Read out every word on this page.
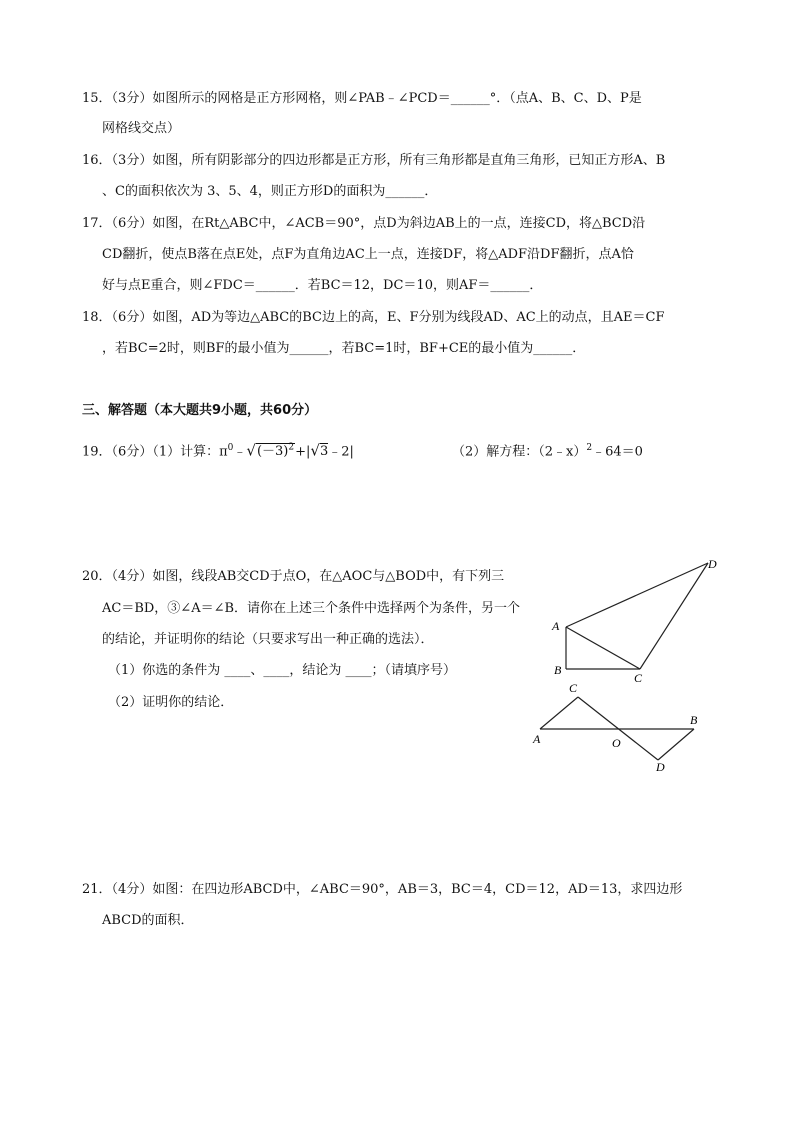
15．（3分）如图所示的网格是正方形网格，则∠PAB﹣∠PCD＝______°．（点A、B、C、D、P是
网格线交点）
16．（3分）如图，所有阴影部分的四边形都是正方形，所有三角形都是直角三角形，已知正方形A、B
、C的面积依次为 3、5、4，则正方形D的面积为______．
17．（6分）如图，在Rt△ABC中，∠ACB＝90°，点D为斜边AB上的一点，连接CD，将△BCD沿
CD翻折，使点B落在点E处，点F为直角边AC上一点，连接DF，将△ADF沿DF翻折，点A恰
好与点E重合，则∠FDC＝______．若BC＝12，DC＝10，则AF＝______．
18．（6分）如图，AD为等边△ABC的BC边上的高，E、F分别为线段AD、AC上的动点，且AE＝CF
，若BC=2时，则BF的最小值为______，若BC=1时，BF+CE的最小值为______．
三、解答题（本大题共9小题，共60分）
19．（6分）（1）计算：$\pi^0﹣√(-3)^2+|√3﹣2|$	（2）解方程：（2﹣x）$^2$﹣64＝0
20．（4分）如图，线段AB交CD于点O，在△AOC与△BOD中，有下列三
AC＝BD，③∠A＝∠B．请你在上述三个条件中选择两个为条件，另一个
的结论，并证明你的结论（只要求写出一种正确的选法）．
（1）你选的条件为 ____、____，结论为 ____；（请填序号）
（2）证明你的结论．
D
A
B
C
C
B
A	O
D
21．（4分）如图：在四边形ABCD中，∠ABC＝90°，AB＝3，BC＝4，CD＝12，AD＝13，求四边形
ABCD的面积．
